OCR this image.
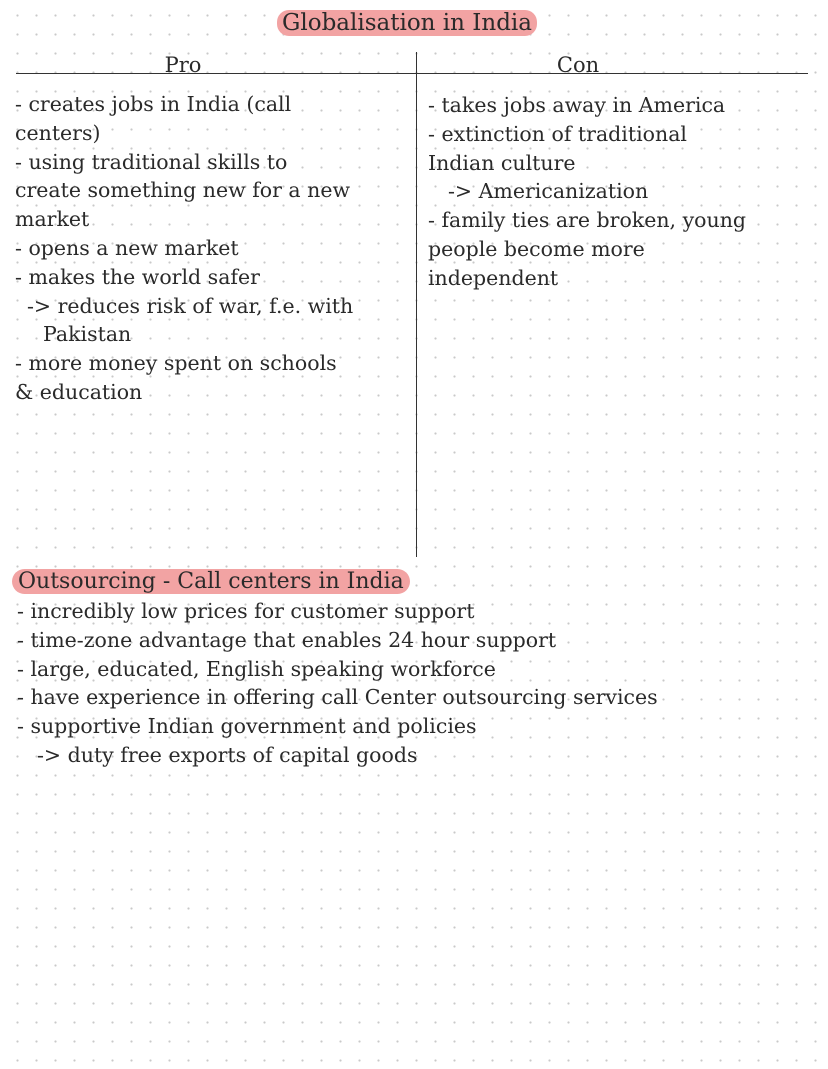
Globalisation in India
Pro	Con
- creates jobs in India (call
centers)
- using traditional skills to
create something new for a new
market
- opens a new market
- makes the world safer
-> reduces risk of war, f.e. with
Pakistan
- more money spent on schools
& education
- takes jobs away in America
- extinction of traditional
Indian culture
-> Americanization
- family ties are broken, young
people become more
independent
Outsourcing - Call centers in India
- incredibly low prices for customer support
- time-zone advantage that enables 24 hour support
- large, educated, English speaking workforce
- have experience in offering call Center outsourcing services
- supportive Indian government and policies
-> duty free exports of capital goods
